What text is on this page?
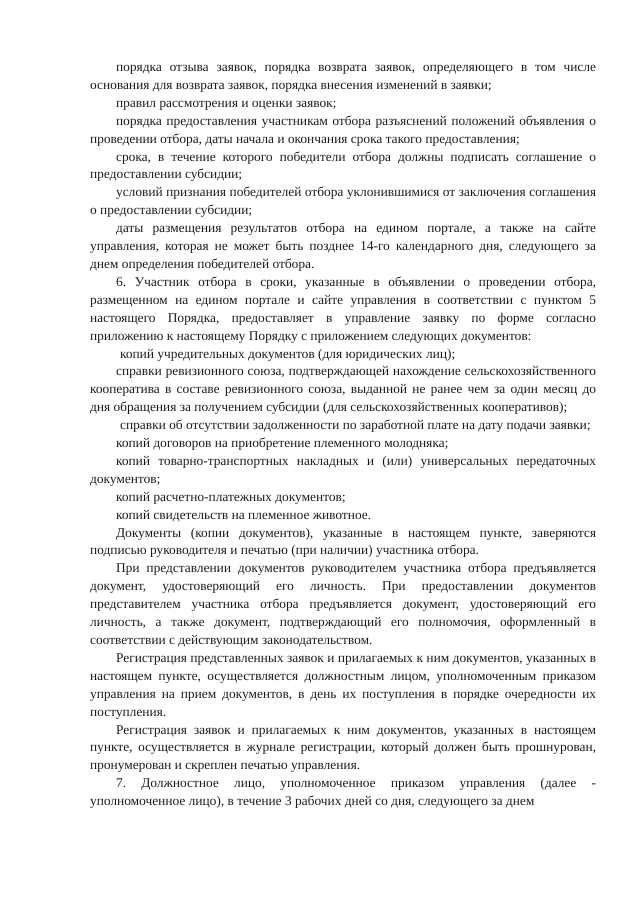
порядка отзыва заявок, порядка возврата заявок, определяющего в том числе основания для возврата заявок, порядка внесения изменений в заявки;

правил рассмотрения и оценки заявок;

порядка предоставления участникам отбора разъяснений положений объявления о проведении отбора, даты начала и окончания срока такого предоставления;

срока, в течение которого победители отбора должны подписать соглашение о предоставлении субсидии;

условий признания победителей отбора уклонившимися от заключения соглашения о предоставлении субсидии;

даты размещения результатов отбора на едином портале, а также на сайте управления, которая не может быть позднее 14-го календарного дня, следующего за днем определения победителей отбора.

6. Участник отбора в сроки, указанные в объявлении о проведении отбора, размещенном на едином портале и сайте управления в соответствии с пунктом 5 настоящего Порядка, предоставляет в управление заявку по форме согласно приложению к настоящему Порядку с приложением следующих документов:

копий учредительных документов (для юридических лиц);

справки ревизионного союза, подтверждающей нахождение сельскохозяйственного кооператива в составе ревизионного союза, выданной не ранее чем за один месяц до дня обращения за получением субсидии (для сельскохозяйственных кооперативов);

справки об отсутствии задолженности по заработной плате на дату подачи заявки;

копий договоров на приобретение племенного молодняка;

копий товарно-транспортных накладных и (или) универсальных передаточных документов;

копий расчетно-платежных документов;

копий свидетельств на племенное животное.

Документы (копии документов), указанные в настоящем пункте, заверяются подписью руководителя и печатью (при наличии) участника отбора.

При представлении документов руководителем участника отбора предъявляется документ, удостоверяющий его личность. При предоставлении документов представителем участника отбора предъявляется документ, удостоверяющий его личность, а также документ, подтверждающий его полномочия, оформленный в соответствии с действующим законодательством.

Регистрация представленных заявок и прилагаемых к ним документов, указанных в настоящем пункте, осуществляется должностным лицом, уполномоченным приказом управления на прием документов, в день их поступления в порядке очередности их поступления.

Регистрация заявок и прилагаемых к ним документов, указанных в настоящем пункте, осуществляется в журнале регистрации, который должен быть прошнурован, пронумерован и скреплен печатью управления.

7. Должностное лицо, уполномоченное приказом управления (далее - уполномоченное лицо), в течение 3 рабочих дней со дня, следующего за днем
